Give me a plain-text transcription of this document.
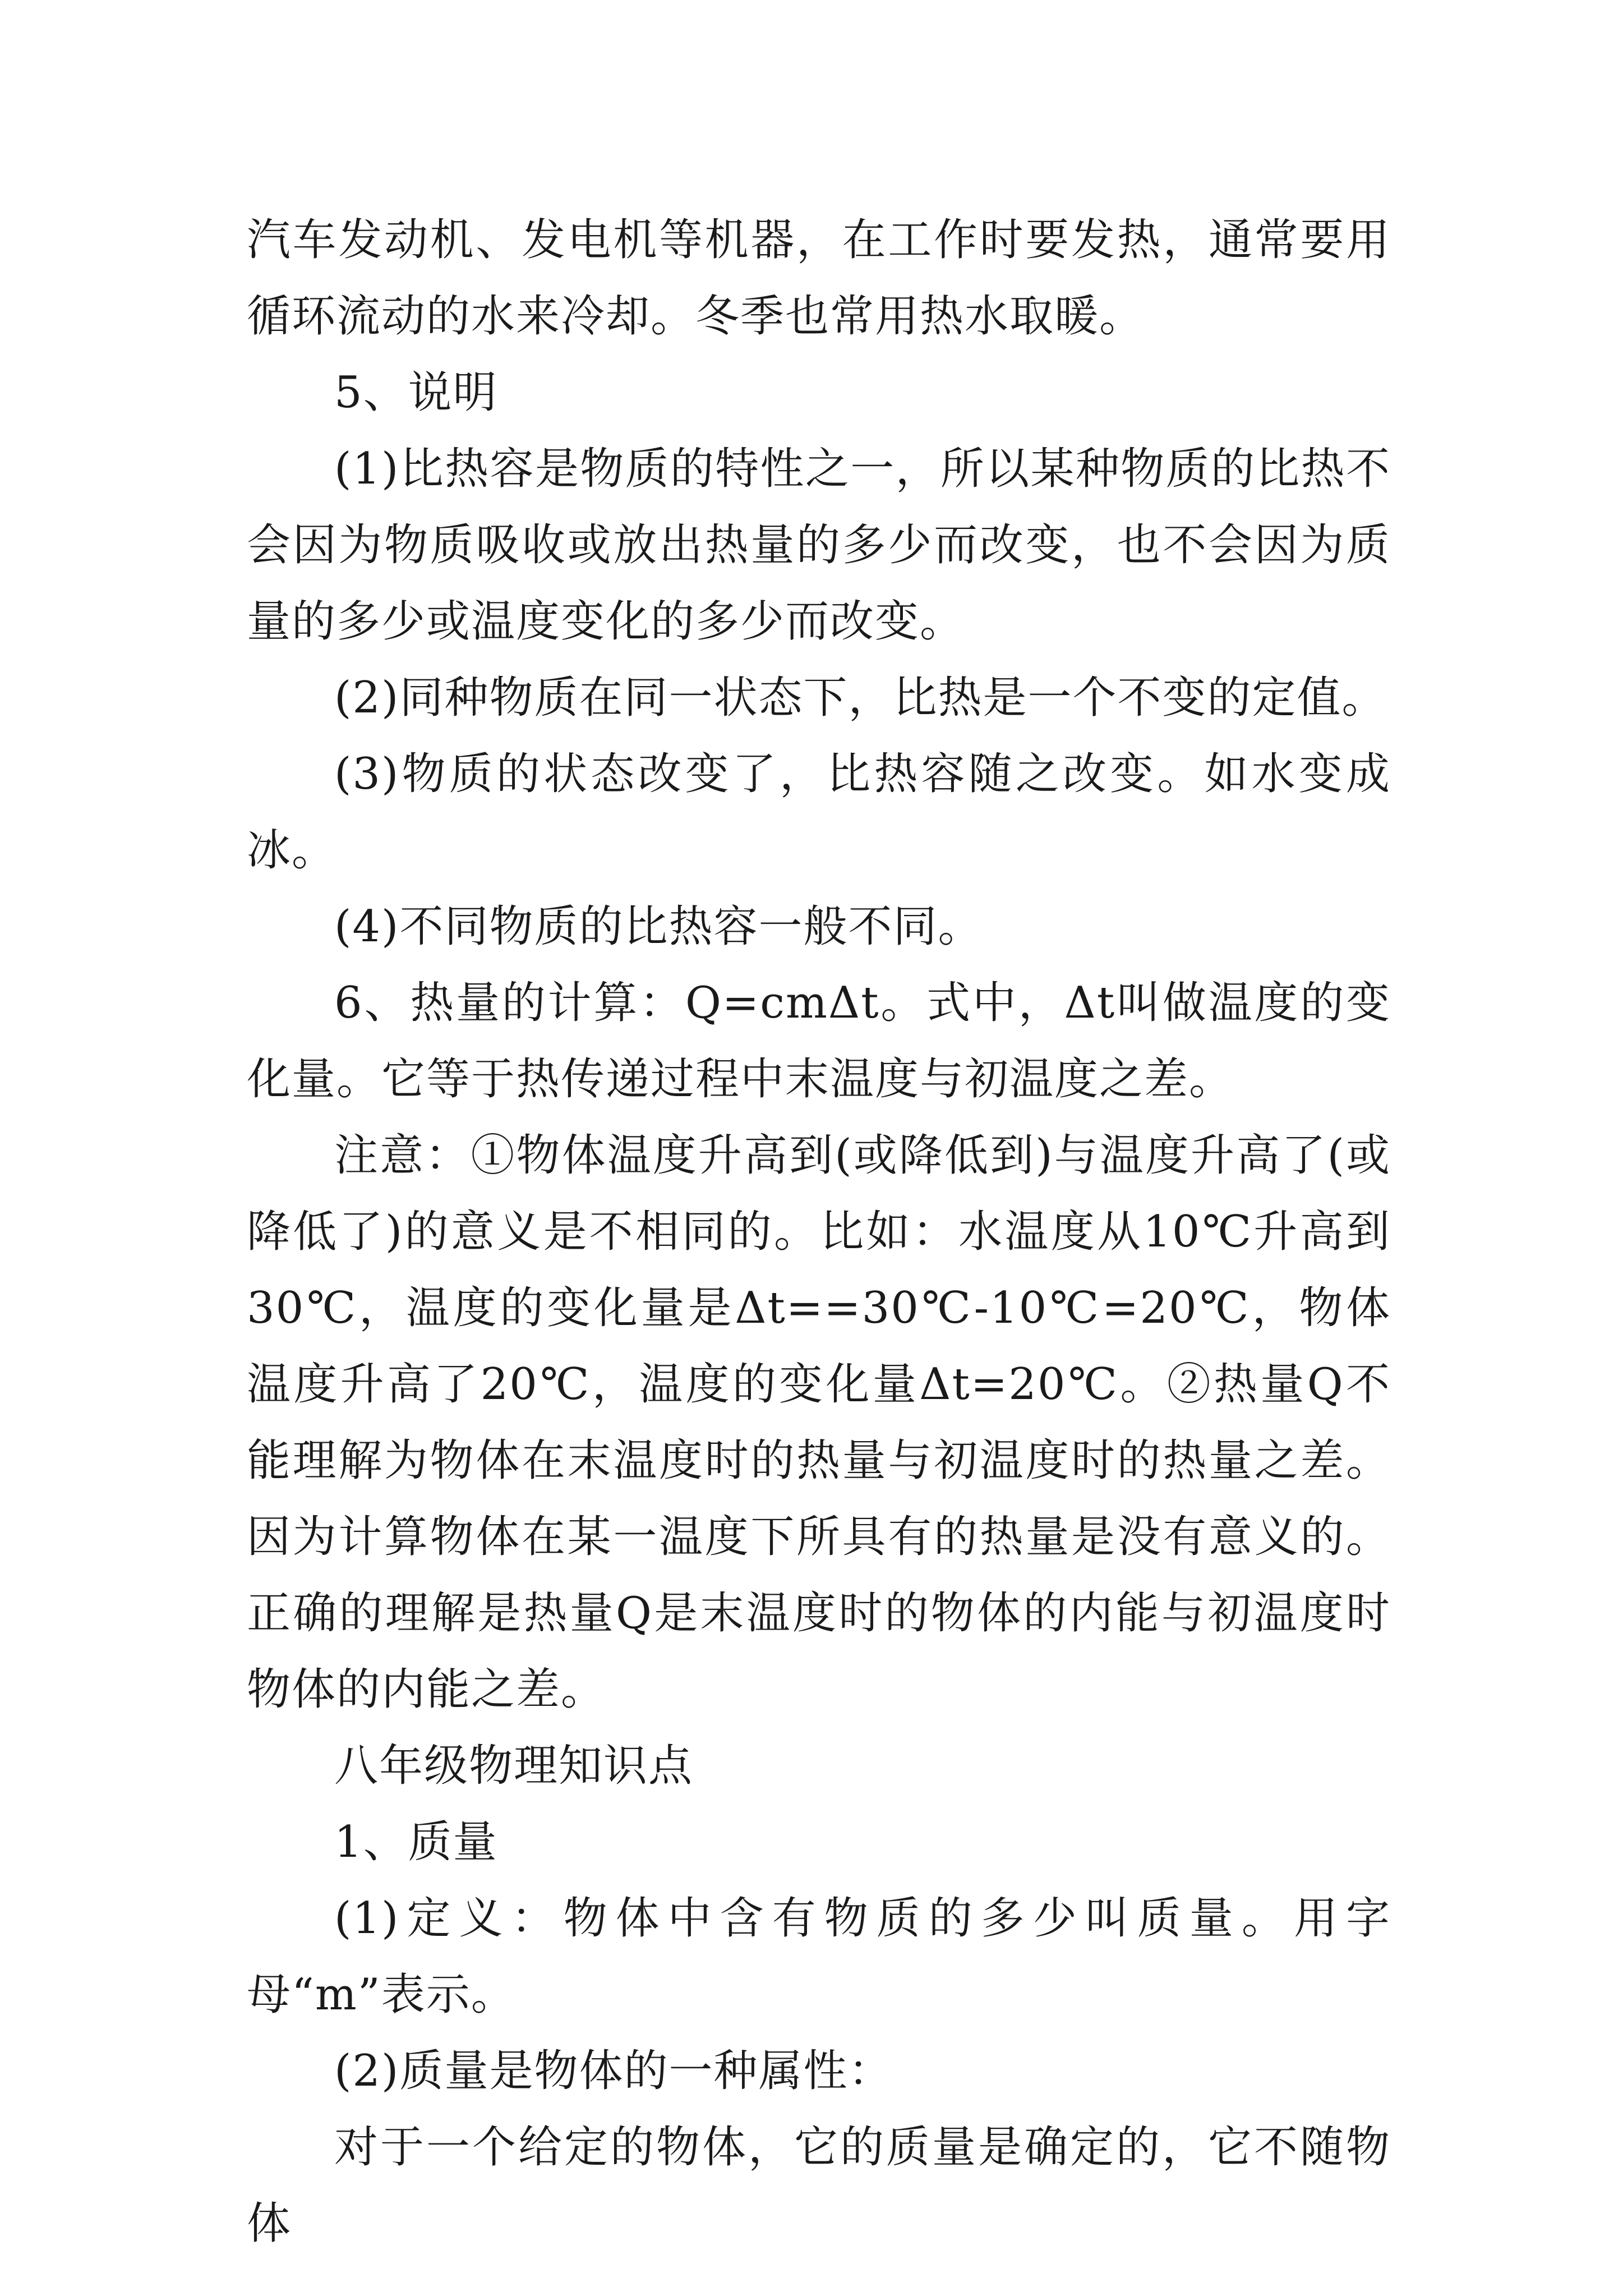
汽车发动机、发电机等机器，在工作时要发热，通常要用循环流动的水来冷却。冬季也常用热水取暖。

5、说明

(1)比热容是物质的特性之一，所以某种物质的比热不会因为物质吸收或放出热量的多少而改变，也不会因为质量的多少或温度变化的多少而改变。

(2)同种物质在同一状态下，比热是一个不变的定值。

(3)物质的状态改变了，比热容随之改变。如水变成冰。

(4)不同物质的比热容一般不同。

6、热量的计算：Q=cmΔt。式中，Δt叫做温度的变化量。它等于热传递过程中末温度与初温度之差。

注意：①物体温度升高到(或降低到)与温度升高了(或降低了)的意义是不相同的。比如：水温度从10℃升高到30℃，温度的变化量是Δt==30℃-10℃=20℃，物体温度升高了20℃，温度的变化量Δt=20℃。②热量Q不能理解为物体在末温度时的热量与初温度时的热量之差。因为计算物体在某一温度下所具有的热量是没有意义的。正确的理解是热量Q是末温度时的物体的内能与初温度时物体的内能之差。

八年级物理知识点

1、质量

(1)定义：物体中含有物质的多少叫质量。用字母“m”表示。

(2)质量是物体的一种属性：

对于一个给定的物体，它的质量是确定的，它不随物体
